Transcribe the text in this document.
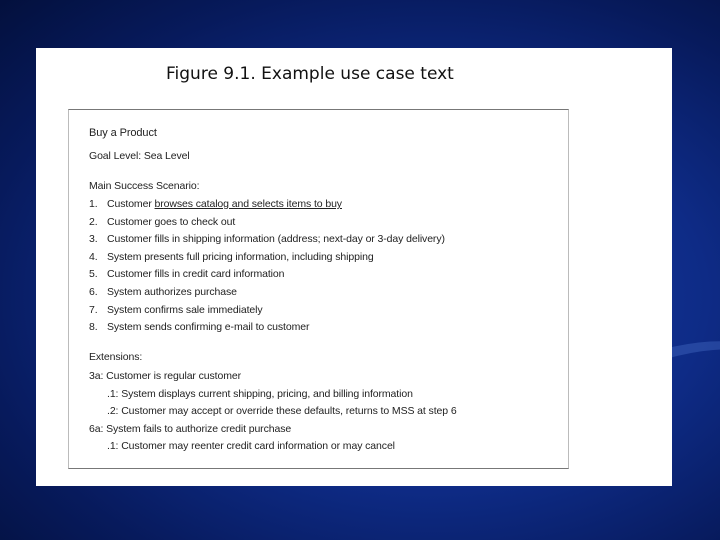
Figure 9.1. Example use case text
Buy a Product
Goal Level: Sea Level
Main Success Scenario:
1. Customer browses catalog and selects items to buy
2. Customer goes to check out
3. Customer fills in shipping information (address; next-day or 3-day delivery)
4. System presents full pricing information, including shipping
5. Customer fills in credit card information
6. System authorizes purchase
7. System confirms sale immediately
8. System sends confirming e-mail to customer
Extensions:
3a: Customer is regular customer
.1: System displays current shipping, pricing, and billing information
.2: Customer may accept or override these defaults, returns to MSS at step 6
6a: System fails to authorize credit purchase
.1: Customer may reenter credit card information or may cancel
